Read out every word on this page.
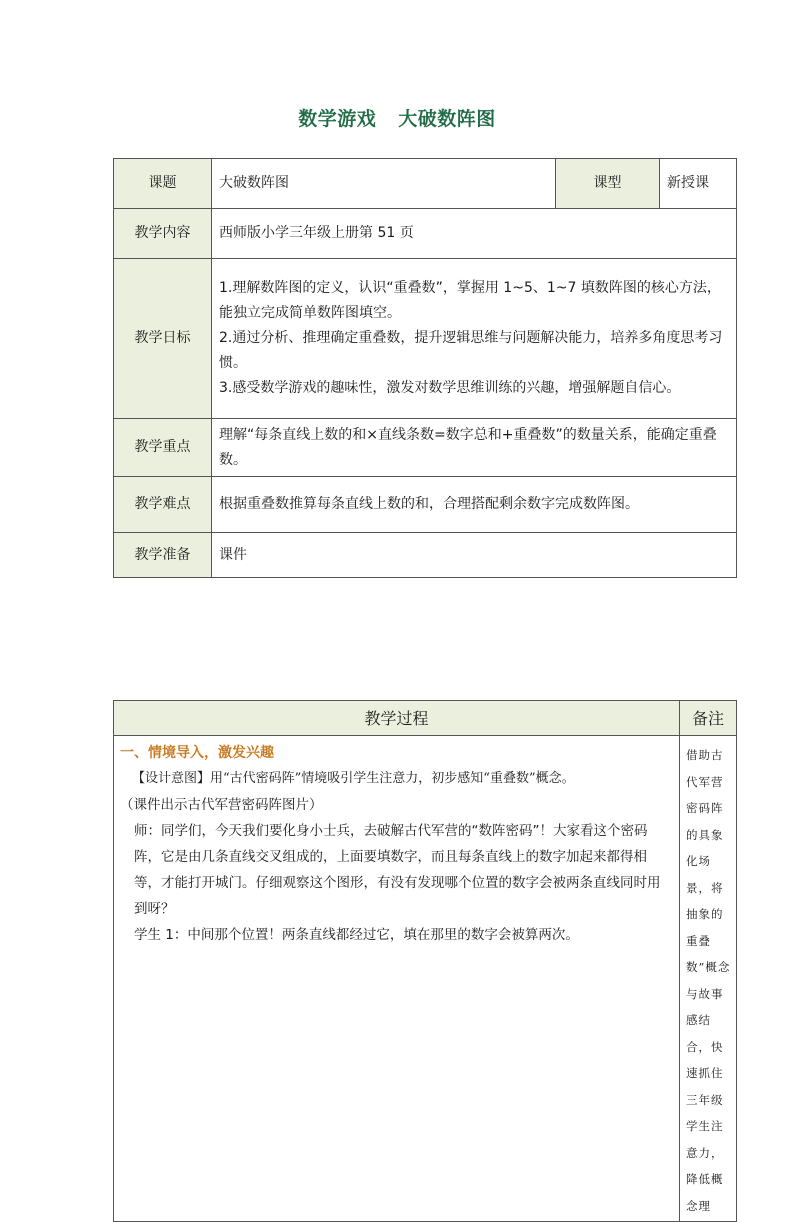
数学游戏 大破数阵图
课题	大破数阵图	课型	新授课
教学内容	西师版小学三年级上册第 51 页		
教学日标	1.理解数阵图的定义，认识“重叠数”，掌握用 1~5、1~7 填数阵图的核心方法，能独立完成简单数阵图填空。

2.通过分析、推理确定重叠数，提升逻辑思维与问题解决能力，培养多角度思考习惯。

3.感受数学游戏的趣味性，激发对数学思维训练的兴趣，增强解题自信心。		

教学重点	理解“每条直线上数的和×直线条数=数字总和+重叠数”的数量关系，能确定重叠数。		
教学难点	根据重叠数推算每条直线上数的和，合理搭配剩余数字完成数阵图。		
教学准备	课件		
教学过程	备注

一、情境导入，激发兴趣

【设计意图】用“古代密码阵”情境吸引学生注意力，初步感知“重叠数”概念。

（课件出示古代军营密码阵图片）

师：同学们，今天我们要化身小士兵，去破解古代军营的“数阵密码”！大家看这个密码阵，它是由几条直线交叉组成的，上面要填数字，而且每条直线上的数字加起来都得相等，才能打开城门。仔细观察这个图形，有没有发现哪个位置的数字会被两条直线同时用到呀？

学生 1：中间那个位置！两条直线都经过它，填在那里的数字会被算两次。	借助古代军营密码阵的具象化场景，将抽象的重叠数”概念与故事感结合，快速抓住三年级学生注意力，降低概念理
